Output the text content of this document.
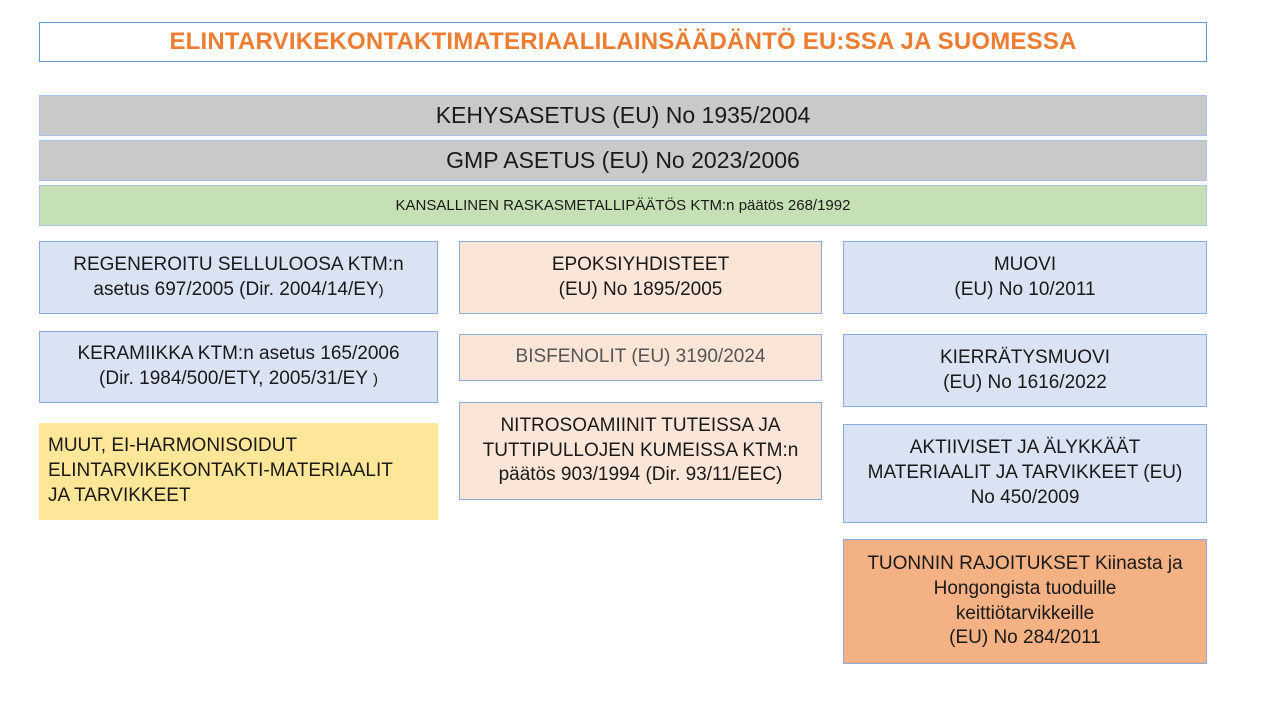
ELINTARVIKEKONTAKTIMATERIAALILAINSÄÄDÄNTÖ EU:SSA JA SUOMESSA
KEHYSASETUS (EU) No 1935/2004
GMP ASETUS (EU) No 2023/2006
KANSALLINEN RASKASMETALLIPÄÄTÖS KTM:n päätös 268/1992
REGENEROITU SELLULOOSA KTM:n
asetus 697/2005 (Dir. 2004/14/EY)
KERAMIIKKA KTM:n asetus 165/2006
(Dir. 1984/500/ETY, 2005/31/EY )
MUUT, EI-HARMONISOIDUT
ELINTARVIKEKONTAKTI-MATERIAALIT
JA TARVIKKEET
EPOKSIYHDISTEET
(EU) No 1895/2005
BISFENOLIT (EU) 3190/2024
NITROSOAMIINIT TUTEISSA JA
TUTTIPULLOJEN KUMEISSA KTM:n
päätös 903/1994 (Dir. 93/11/EEC)
MUOVI
(EU) No 10/2011
KIERRÄTYSMUOVI
(EU) No 1616/2022
AKTIIVISET JA ÄLYKKÄÄT
MATERIAALIT JA TARVIKKEET (EU)
No 450/2009
TUONNIN RAJOITUKSET Kiinasta ja
Hongongista tuoduille
keittiötarvikkeille
(EU) No 284/2011
